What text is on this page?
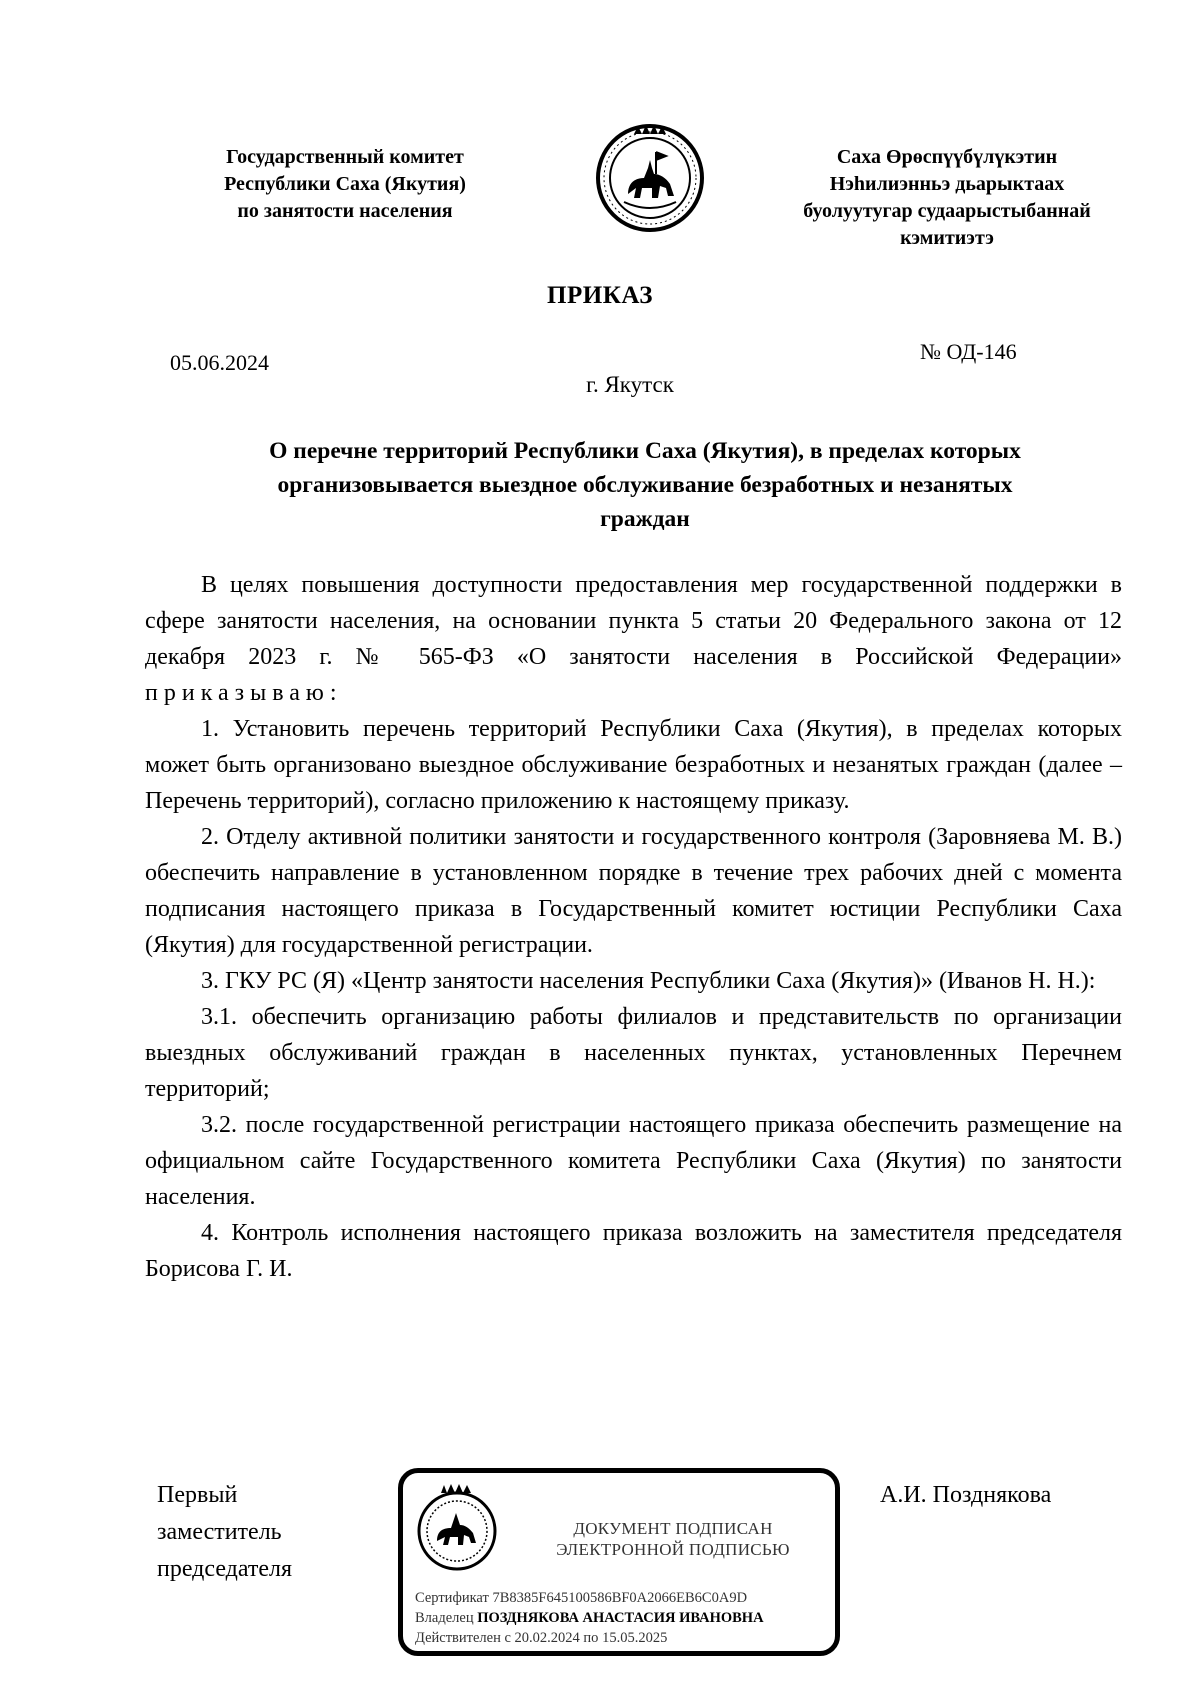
Государственный комитет
Республики Саха (Якутия)
по занятости населения
Саха Өрөспүүбүлүкэтин
Нэһилиэнньэ дьарыктаах
буолуутугар судаарыстыбаннай
кэмитиэтэ
ПРИКАЗ
05.06.2024	№ ОД-146
г. Якутск
О перечне территорий Республики Саха (Якутия), в пределах которых
организовывается выездное обслуживание безработных и незанятых
граждан
В целях повышения доступности предоставления мер государственной поддержки в сфере занятости населения, на основании пункта 5 статьи 20 Федерального закона от 12 декабря 2023 г. № 565-ФЗ «О занятости населения в Российской Федерации» приказываю:
1. Установить перечень территорий Республики Саха (Якутия), в пределах которых может быть организовано выездное обслуживание безработных и незанятых граждан (далее – Перечень территорий), согласно приложению к настоящему приказу.
2. Отделу активной политики занятости и государственного контроля (Заровняева М. В.) обеспечить направление в установленном порядке в течение трех рабочих дней с момента подписания настоящего приказа в Государственный комитет юстиции Республики Саха (Якутия) для государственной регистрации.
3. ГКУ РС (Я) «Центр занятости населения Республики Саха (Якутия)» (Иванов Н. Н.):
3.1. обеспечить организацию работы филиалов и представительств по организации выездных обслуживаний граждан в населенных пунктах, установленных Перечнем территорий;
3.2. после государственной регистрации настоящего приказа обеспечить размещение на официальном сайте Государственного комитета Республики Саха (Якутия) по занятости населения.
4. Контроль исполнения настоящего приказа возложить на заместителя председателя Борисова Г. И.
Первый
заместитель
председателя
А.И. Позднякова
ДОКУМЕНТ ПОДПИСАН
ЭЛЕКТРОННОЙ ПОДПИСЬЮ
Сертификат 7B8385F645100586BF0A2066EB6C0A9D
Владелец ПОЗДНЯКОВА АНАСТАСИЯ ИВАНОВНА
Действителен с 20.02.2024 по 15.05.2025
